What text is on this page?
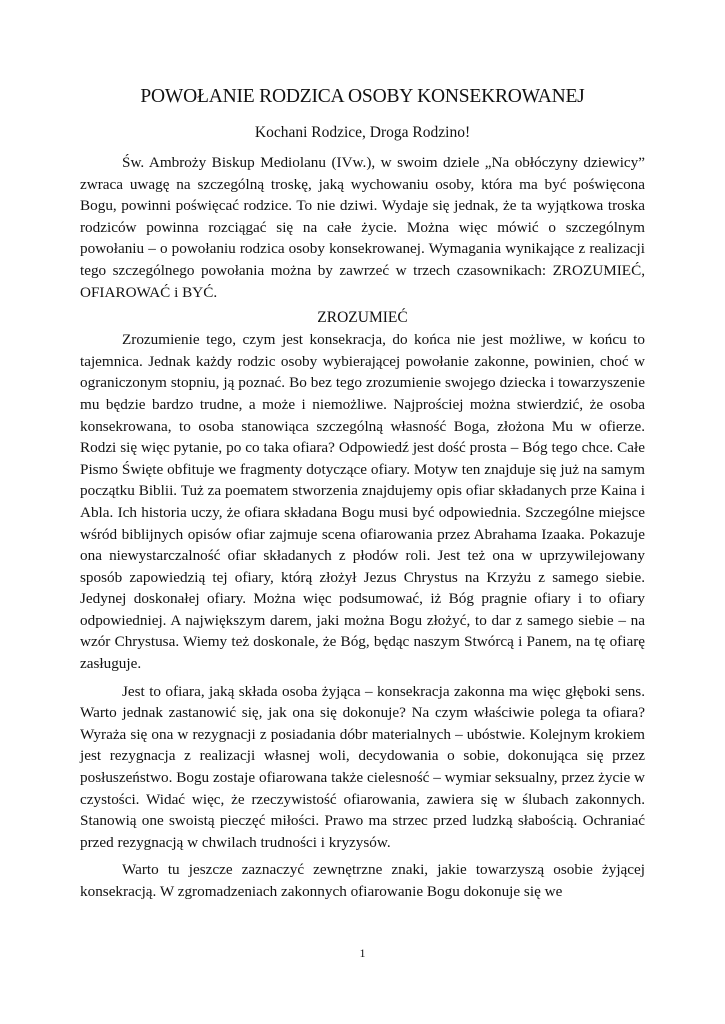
POWOŁANIE RODZICA OSOBY KONSEKROWANEJ

Kochani Rodzice, Droga Rodzino!

Św. Ambroży Biskup Mediolanu (IVw.), w swoim dziele „Na obłóczyny dziewicy” zwraca uwagę na szczególną troskę, jaką wychowaniu osoby, która ma być poświęcona Bogu, powinni poświęcać rodzice. To nie dziwi. Wydaje się jednak, że ta wyjątkowa troska rodziców powinna rozciągać się na całe życie. Można więc mówić o szczególnym powołaniu – o powołaniu rodzica osoby konsekrowanej. Wymagania wynikające z realizacji tego szczególnego powołania można by zawrzeć w trzech czasownikach: ZROZUMIEĆ, OFIAROWAĆ i BYĆ.

ZROZUMIEĆ

Zrozumienie tego, czym jest konsekracja, do końca nie jest możliwe, w końcu to tajemnica. Jednak każdy rodzic osoby wybierającej powołanie zakonne, powinien, choć w ograniczonym stopniu, ją poznać. Bo bez tego zrozumienie swojego dziecka i towarzyszenie mu będzie bardzo trudne, a może i niemożliwe. Najprościej można stwierdzić, że osoba konsekrowana, to osoba stanowiąca szczególną własność Boga, złożona Mu w ofierze. Rodzi się więc pytanie, po co taka ofiara? Odpowiedź jest dość prosta – Bóg tego chce. Całe Pismo Święte obfituje we fragmenty dotyczące ofiary. Motyw ten znajduje się już na samym początku Biblii. Tuż za poematem stworzenia znajdujemy opis ofiar składanych prze Kaina i Abla. Ich historia uczy, że ofiara składana Bogu musi być odpowiednia. Szczególne miejsce wśród biblijnych opisów ofiar zajmuje scena ofiarowania przez Abrahama Izaaka. Pokazuje ona niewystarczalność ofiar składanych z płodów roli. Jest też ona w uprzywilejowany sposób zapowiedzią tej ofiary, którą złożył Jezus Chrystus na Krzyżu z samego siebie. Jedynej doskonałej ofiary. Można więc podsumować, iż Bóg pragnie ofiary i to ofiary odpowiedniej. A największym darem, jaki można Bogu złożyć, to dar z samego siebie – na wzór Chrystusa. Wiemy też doskonale, że Bóg, będąc naszym Stwórcą i Panem, na tę ofiarę zasługuje.

Jest to ofiara, jaką składa osoba żyjąca – konsekracja zakonna ma więc głęboki sens. Warto jednak zastanowić się, jak ona się dokonuje? Na czym właściwie polega ta ofiara? Wyraża się ona w rezygnacji z posiadania dóbr materialnych – ubóstwie. Kolejnym krokiem jest rezygnacja z realizacji własnej woli, decydowania o sobie, dokonująca się przez posłuszeństwo. Bogu zostaje ofiarowana także cielesność – wymiar seksualny, przez życie w czystości. Widać więc, że rzeczywistość ofiarowania, zawiera się w ślubach zakonnych. Stanowią one swoistą pieczęć miłości. Prawo ma strzec przed ludzką słabością. Ochraniać przed rezygnacją w chwilach trudności i kryzysów.

Warto tu jeszcze zaznaczyć zewnętrzne znaki, jakie towarzyszą osobie żyjącej konsekracją. W zgromadzeniach zakonnych ofiarowanie Bogu dokonuje się we

1
